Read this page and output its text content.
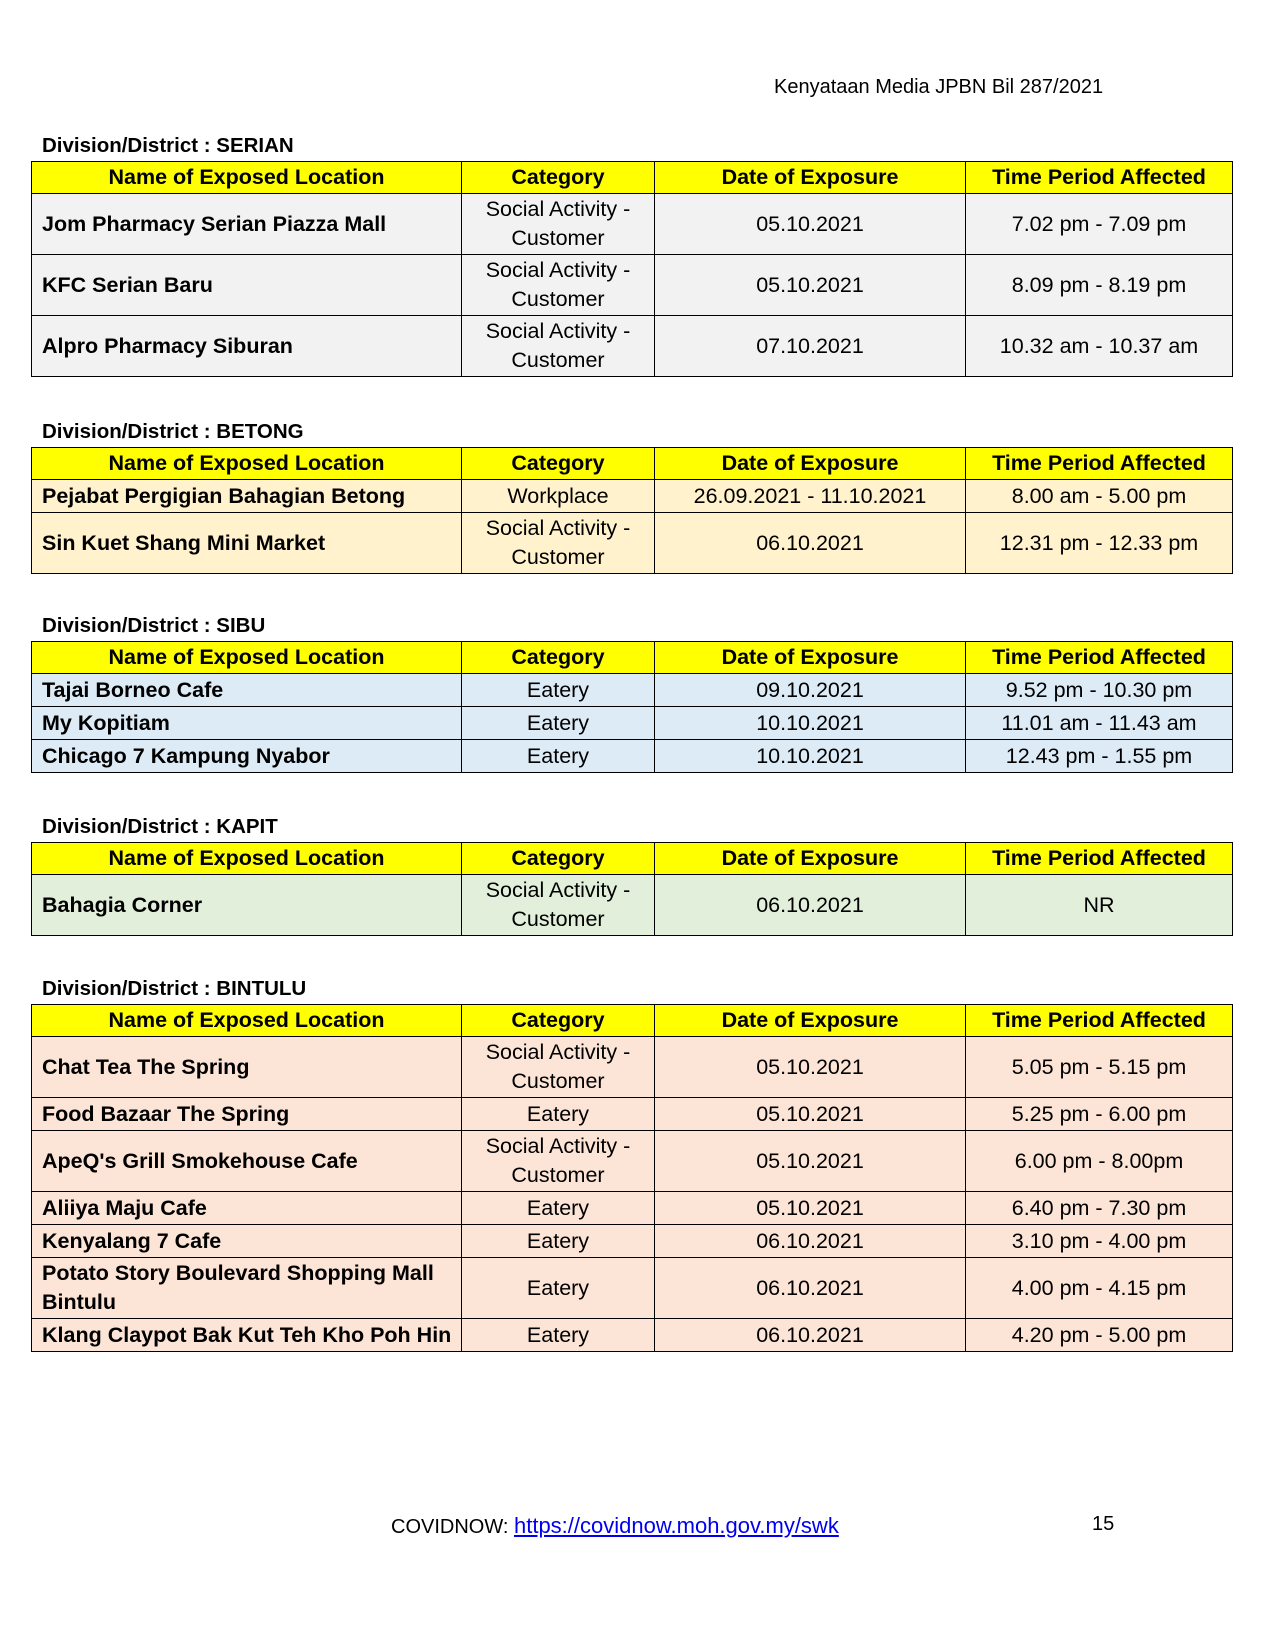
Kenyataan Media JPBN Bil 287/2021
Division/District : SERIAN
Name of Exposed Location	Category	Date of Exposure	Time Period Affected
Jom Pharmacy Serian Piazza Mall	Social Activity - Customer	05.10.2021	7.02 pm - 7.09 pm
KFC Serian Baru	Social Activity - Customer	05.10.2021	8.09 pm - 8.19 pm
Alpro Pharmacy Siburan	Social Activity - Customer	07.10.2021	10.32 am - 10.37 am
Division/District : BETONG
Name of Exposed Location	Category	Date of Exposure	Time Period Affected
Pejabat Pergigian Bahagian Betong	Workplace	26.09.2021 - 11.10.2021	8.00 am - 5.00 pm
Sin Kuet Shang Mini Market	Social Activity - Customer	06.10.2021	12.31 pm - 12.33 pm
Division/District : SIBU
Name of Exposed Location	Category	Date of Exposure	Time Period Affected
Tajai Borneo Cafe	Eatery	09.10.2021	9.52 pm - 10.30 pm
My Kopitiam	Eatery	10.10.2021	11.01 am - 11.43 am
Chicago 7 Kampung Nyabor	Eatery	10.10.2021	12.43 pm - 1.55 pm
Division/District : KAPIT
Name of Exposed Location	Category	Date of Exposure	Time Period Affected
Bahagia Corner	Social Activity - Customer	06.10.2021	NR
Division/District : BINTULU
Name of Exposed Location	Category	Date of Exposure	Time Period Affected
Chat Tea The Spring	Social Activity - Customer	05.10.2021	5.05 pm - 5.15 pm
Food Bazaar The Spring	Eatery	05.10.2021	5.25 pm - 6.00 pm
ApeQ's Grill Smokehouse Cafe	Social Activity - Customer	05.10.2021	6.00 pm - 8.00pm
Aliiya Maju Cafe	Eatery	05.10.2021	6.40 pm - 7.30 pm
Kenyalang 7 Cafe	Eatery	06.10.2021	3.10 pm - 4.00 pm
Potato Story Boulevard Shopping Mall Bintulu	Eatery	06.10.2021	4.00 pm - 4.15 pm
Klang Claypot Bak Kut Teh Kho Poh Hin	Eatery	06.10.2021	4.20 pm - 5.00 pm
COVIDNOW: https://covidnow.moh.gov.my/swk	15
